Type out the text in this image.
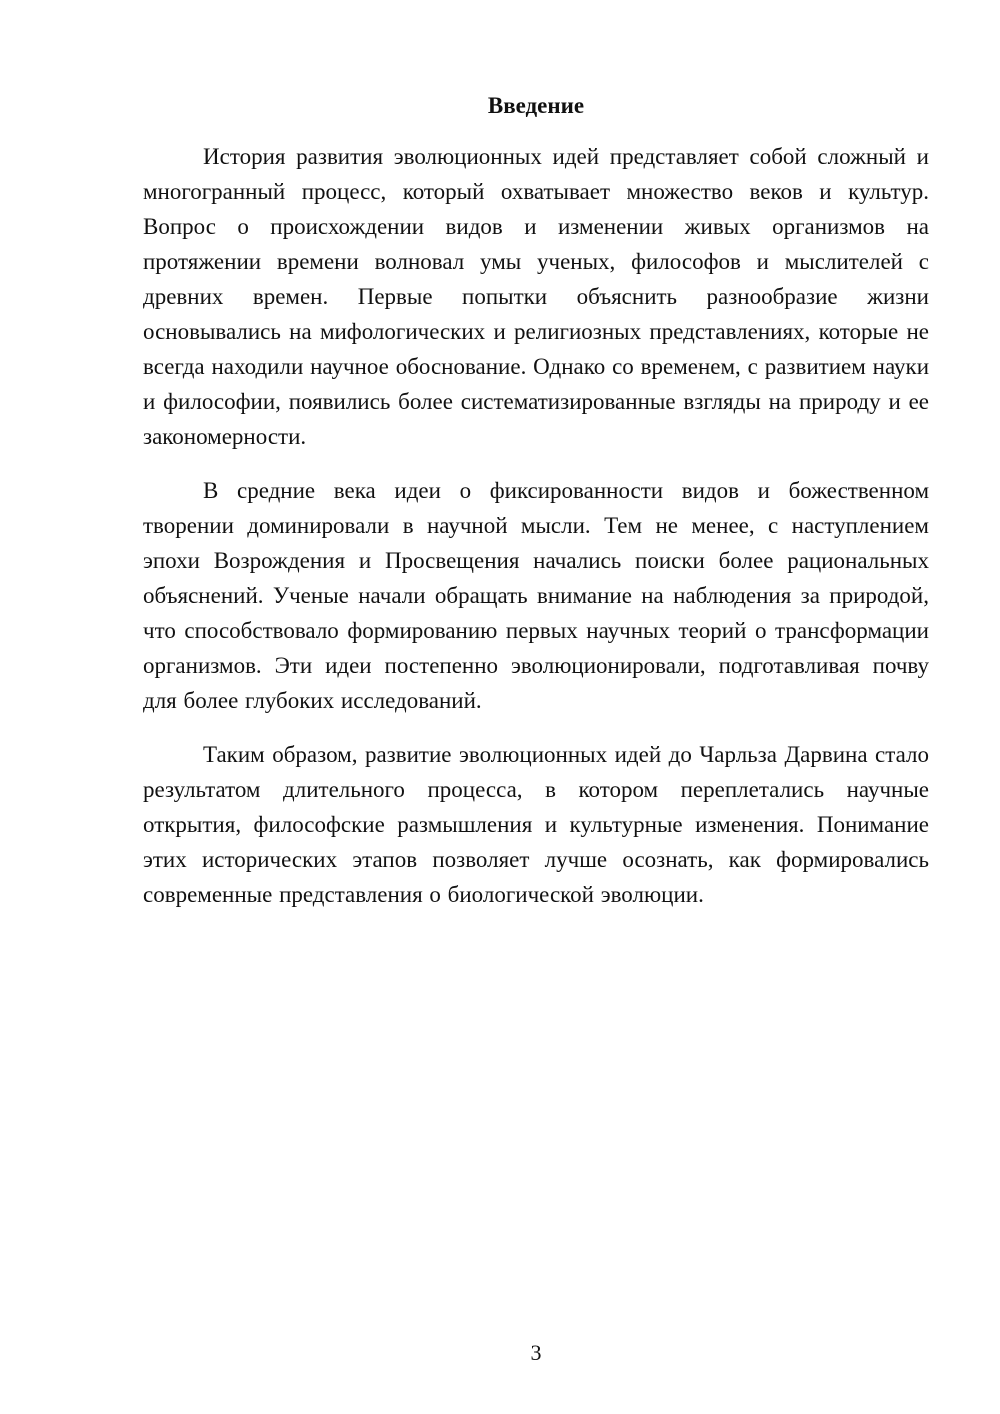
Введение

История развития эволюционных идей представляет собой сложный и многогранный процесс, который охватывает множество веков и культур. Вопрос о происхождении видов и изменении живых организмов на протяжении времени волновал умы ученых, философов и мыслителей с древних времен. Первые попытки объяснить разнообразие жизни основывались на мифологических и религиозных представлениях, которые не всегда находили научное обоснование. Однако со временем, с развитием науки и философии, появились более систематизированные взгляды на природу и ее закономерности.

В средние века идеи о фиксированности видов и божественном творении доминировали в научной мысли. Тем не менее, с наступлением эпохи Возрождения и Просвещения начались поиски более рациональных объяснений. Ученые начали обращать внимание на наблюдения за природой, что способствовало формированию первых научных теорий о трансформации организмов. Эти идеи постепенно эволюционировали, подготавливая почву для более глубоких исследований.

Таким образом, развитие эволюционных идей до Чарльза Дарвина стало результатом длительного процесса, в котором переплетались научные открытия, философские размышления и культурные изменения. Понимание этих исторических этапов позволяет лучше осознать, как формировались современные представления о биологической эволюции.

3
